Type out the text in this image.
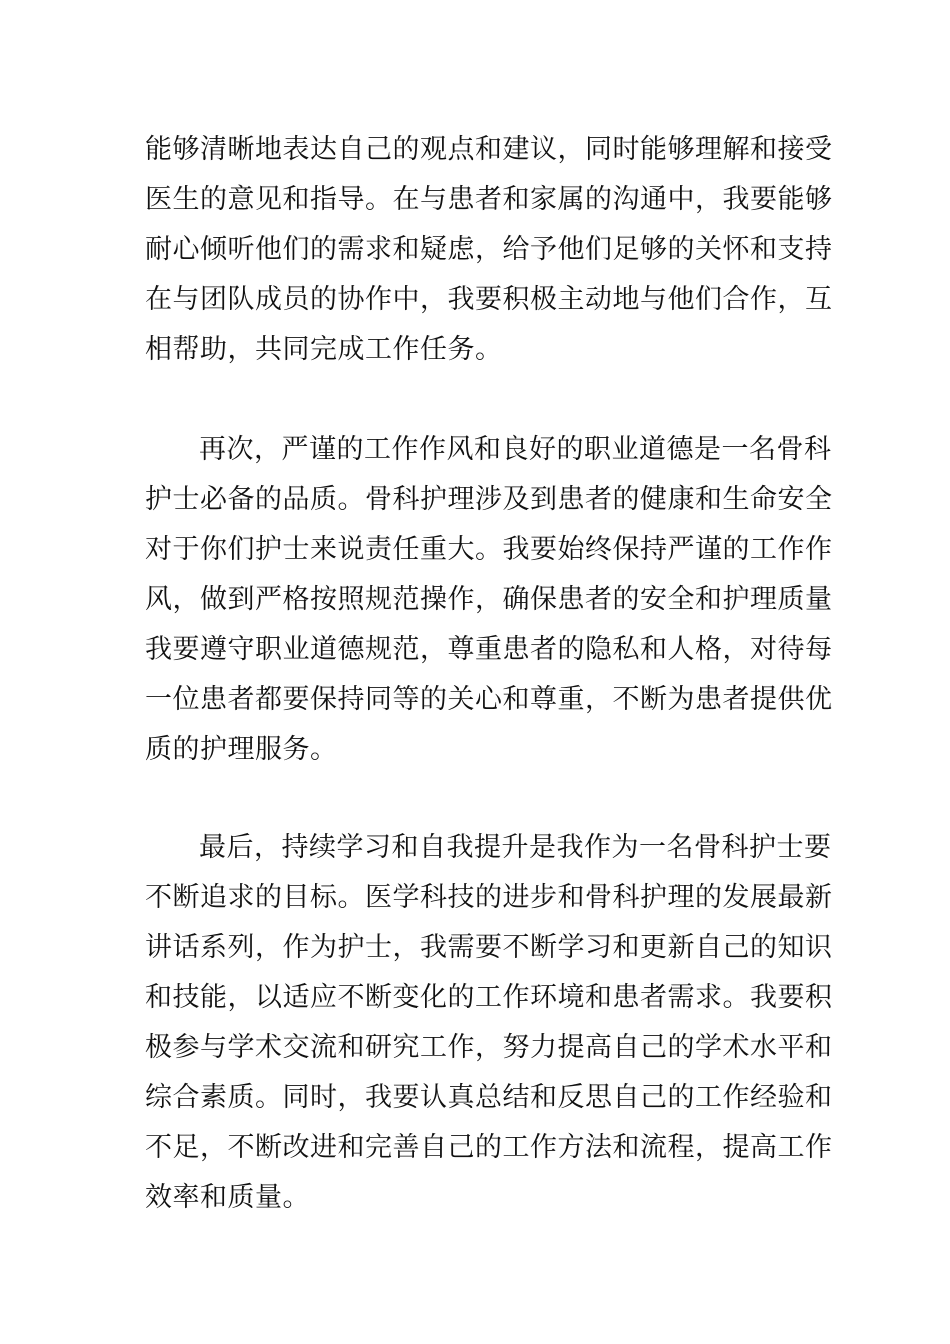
能够清晰地表达自己的观点和建议，同时能够理解和接受
医生的意见和指导。在与患者和家属的沟通中，我要能够
耐心倾听他们的需求和疑虑，给予他们足够的关怀和支持
在与团队成员的协作中，我要积极主动地与他们合作，互
相帮助，共同完成工作任务。
再次，严谨的工作作风和良好的职业道德是一名骨科
护士必备的品质。骨科护理涉及到患者的健康和生命安全
对于你们护士来说责任重大。我要始终保持严谨的工作作
风，做到严格按照规范操作，确保患者的安全和护理质量
我要遵守职业道德规范，尊重患者的隐私和人格，对待每
一位患者都要保持同等的关心和尊重，不断为患者提供优
质的护理服务。
最后，持续学习和自我提升是我作为一名骨科护士要
不断追求的目标。医学科技的进步和骨科护理的发展最新
讲话系列，作为护士，我需要不断学习和更新自己的知识
和技能，以适应不断变化的工作环境和患者需求。我要积
极参与学术交流和研究工作，努力提高自己的学术水平和
综合素质。同时，我要认真总结和反思自己的工作经验和
不足，不断改进和完善自己的工作方法和流程，提高工作
效率和质量。
